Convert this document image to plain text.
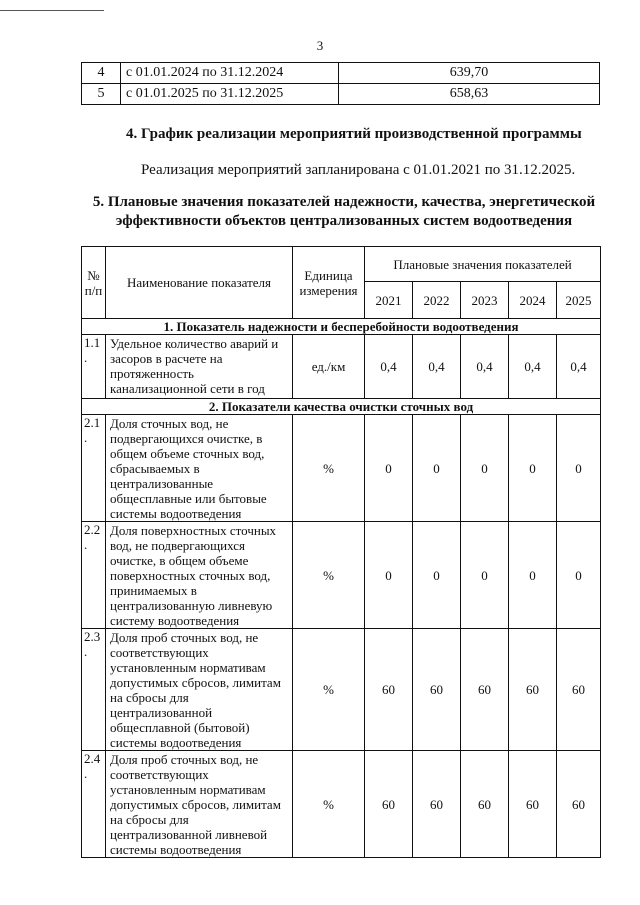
3
4	с 01.01.2024 по 31.12.2024	639,70
5	с 01.01.2025 по 31.12.2025	658,63
4. График реализации мероприятий производственной программы
Реализация мероприятий запланирована с 01.01.2021 по 31.12.2025.
5. Плановые значения показателей надежности, качества, энергетической эффективности объектов централизованных систем водоотведения
№ п/п	Наименование показателя	Единица измерения	Плановые значения показателей				
			2021	2022	2023	2024	2025
1. Показатель надежности и бесперебойности водоотведения							
1.1 .	Удельное количество аварий и засоров в расчете на протяженность канализационной сети в год	ед./км	0,4	0,4	0,4	0,4	0,4
2. Показатели качества очистки сточных вод							
2.1 .	Доля сточных вод, не подвергающихся очистке, в общем объеме сточных вод, сбрасываемых в централизованные общесплавные или бытовые системы водоотведения	%	0	0	0	0	0
2.2 .	Доля поверхностных сточных вод, не подвергающихся очистке, в общем объеме поверхностных сточных вод, принимаемых в централизованную ливневую систему водоотведения	%	0	0	0	0	0
2.3 .	Доля проб сточных вод, не соответствующих установленным нормативам допустимых сбросов, лимитам на сбросы для централизованной общесплавной (бытовой) системы водоотведения	%	60	60	60	60	60
2.4 .	Доля проб сточных вод, не соответствующих установленным нормативам допустимых сбросов, лимитам на сбросы для централизованной ливневой системы водоотведения	%	60	60	60	60	60
